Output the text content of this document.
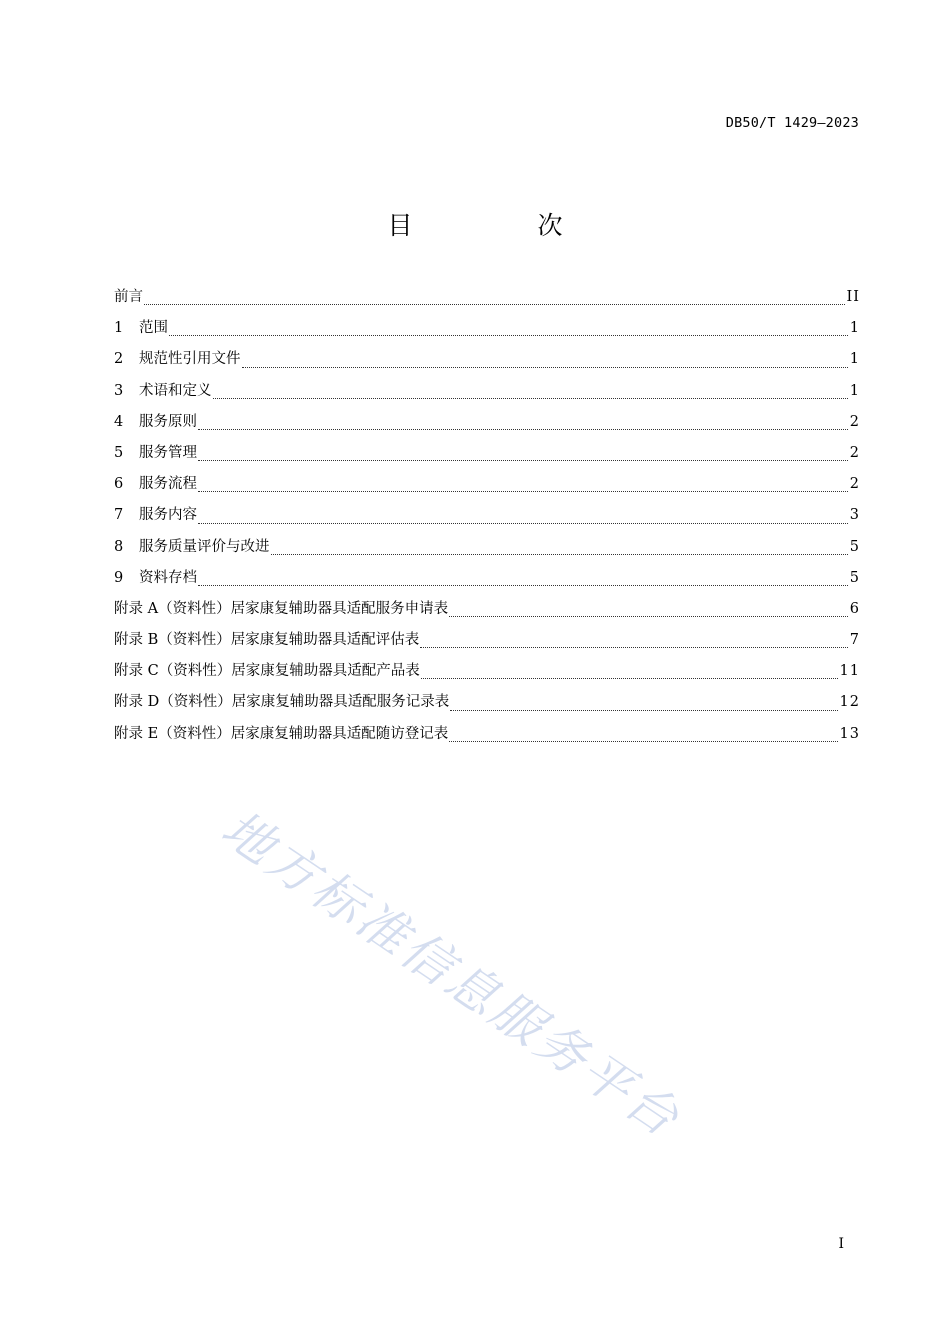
DB50/T 1429—2023
目　次
前言	II
1	范围	1
2	规范性引用文件	1
3	术语和定义	1
4	服务原则	2
5	服务管理	2
6	服务流程	2
7	服务内容	3
8	服务质量评价与改进	5
9	资料存档	5
附录 A（资料性） 居家康复辅助器具适配服务申请表	6
附录 B（资料性） 居家康复辅助器具适配评估表	7
附录 C（资料性） 居家康复辅助器具适配产品表	11
附录 D（资料性） 居家康复辅助器具适配服务记录表	12
附录 E（资料性） 居家康复辅助器具适配随访登记表	13
地方标准信息服务平台
I
